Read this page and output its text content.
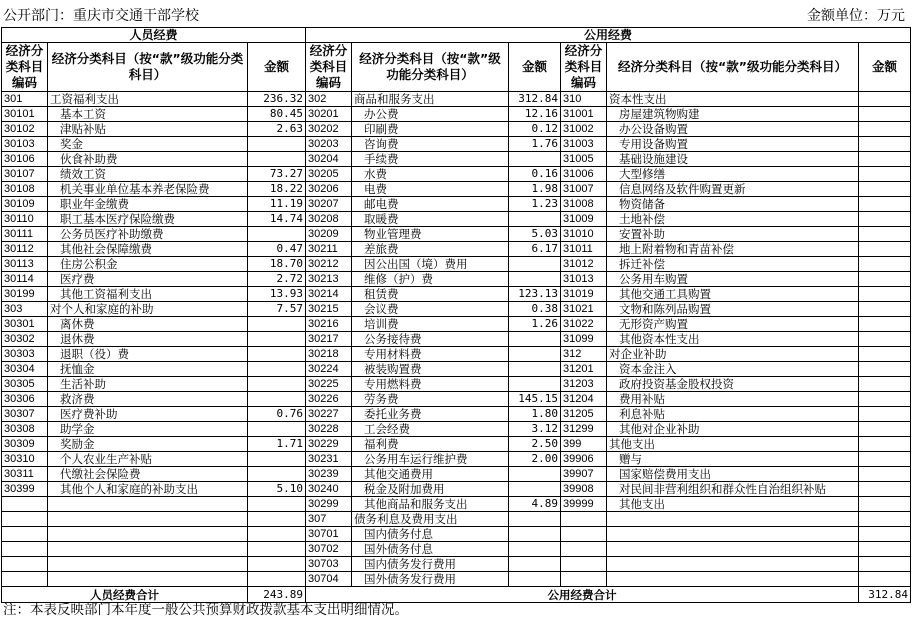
公开部门：重庆市交通干部学校	金额单位：万元
人员经费			公用经费					
经济分类科目编码	经济分类科目（按“款”级功能分类科目）	金额	经济分类科目编码	经济分类科目（按“款”级功能分类科目）	金额	经济分类科目编码	经济分类科目（按“款”级功能分类科目）	金额
301	工资福利支出	236.32	302	商品和服务支出	312.84	310	资本性支出	
30101	基本工资	80.45	30201	办公费	12.16	31001	房屋建筑物购建	
30102	津贴补贴	2.63	30202	印刷费	0.12	31002	办公设备购置	
30103	奖金		30203	咨询费	1.76	31003	专用设备购置	
30106	伙食补助费		30204	手续费		31005	基础设施建设	
30107	绩效工资	73.27	30205	水费	0.16	31006	大型修缮	
30108	机关事业单位基本养老保险费	18.22	30206	电费	1.98	31007	信息网络及软件购置更新	
30109	职业年金缴费	11.19	30207	邮电费	1.23	31008	物资储备	
30110	职工基本医疗保险缴费	14.74	30208	取暖费		31009	土地补偿	
30111	公务员医疗补助缴费		30209	物业管理费	5.03	31010	安置补助	
30112	其他社会保障缴费	0.47	30211	差旅费	6.17	31011	地上附着物和青苗补偿	
30113	住房公积金	18.70	30212	因公出国（境）费用		31012	拆迁补偿	
30114	医疗费	2.72	30213	维修（护）费		31013	公务用车购置	
30199	其他工资福利支出	13.93	30214	租赁费	123.13	31019	其他交通工具购置	
303	对个人和家庭的补助	7.57	30215	会议费	0.38	31021	文物和陈列品购置	
30301	离休费		30216	培训费	1.26	31022	无形资产购置	
30302	退休费		30217	公务接待费		31099	其他资本性支出	
30303	退职（役）费		30218	专用材料费		312	对企业补助	
30304	抚恤金		30224	被装购置费		31201	资本金注入	
30305	生活补助		30225	专用燃料费		31203	政府投资基金股权投资	
30306	救济费		30226	劳务费	145.15	31204	费用补贴	
30307	医疗费补助	0.76	30227	委托业务费	1.80	31205	利息补贴	
30308	助学金		30228	工会经费	3.12	31299	其他对企业补助	
30309	奖励金	1.71	30229	福利费	2.50	399	其他支出	
30310	个人农业生产补贴		30231	公务用车运行维护费	2.00	39906	赠与	
30311	代缴社会保险费		30239	其他交通费用		39907	国家赔偿费用支出	
30399	其他个人和家庭的补助支出	5.10	30240	税金及附加费用		39908	对民间非营利组织和群众性自治组织补贴	
			30299	其他商品和服务支出	4.89	39999	其他支出	
			307	债务利息及费用支出				
			30701	国内债务付息				
			30702	国外债务付息				
			30703	国内债务发行费用				
			30704	国外债务发行费用				
人员经费合计		243.89	公用经费合计					312.84
注：本表反映部门本年度一般公共预算财政拨款基本支出明细情况。
